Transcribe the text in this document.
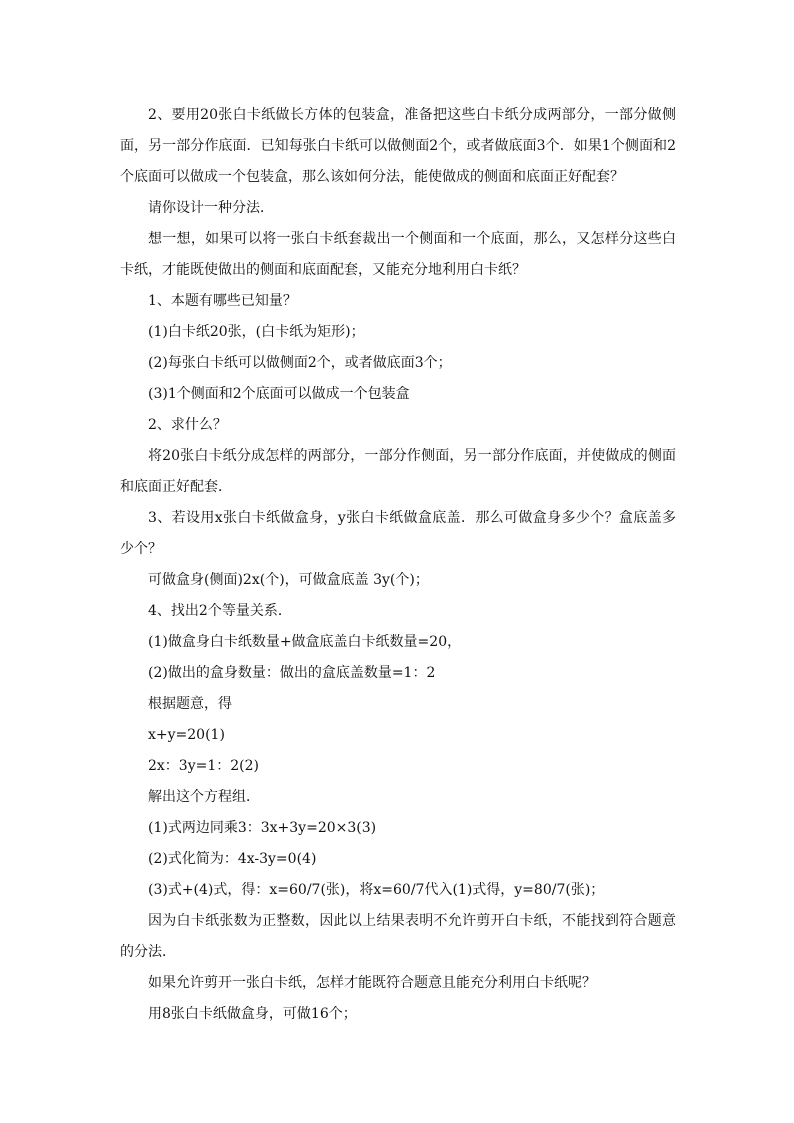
2、要用20张白卡纸做长方体的包装盒，准备把这些白卡纸分成两部分，一部分做侧面，另一部分作底面．已知每张白卡纸可以做侧面2个，或者做底面3个．如果1个侧面和2个底面可以做成一个包装盒，那么该如何分法，能使做成的侧面和底面正好配套？

请你设计一种分法．

想一想，如果可以将一张白卡纸套裁出一个侧面和一个底面，那么，又怎样分这些白卡纸，才能既使做出的侧面和底面配套，又能充分地利用白卡纸？

1、本题有哪些已知量？

(1)白卡纸20张，(白卡纸为矩形)；

(2)每张白卡纸可以做侧面2个，或者做底面3个；

(3)1个侧面和2个底面可以做成一个包装盒

2、求什么？

将20张白卡纸分成怎样的两部分，一部分作侧面，另一部分作底面，并使做成的侧面和底面正好配套．

3、若设用x张白卡纸做盒身，y张白卡纸做盒底盖．那么可做盒身多少个？盒底盖多少个？

可做盒身(侧面)2x(个)，可做盒底盖 3y(个)；

4、找出2个等量关系．

(1)做盒身白卡纸数量+做盒底盖白卡纸数量=20，

(2)做出的盒身数量：做出的盒底盖数量=1：2

根据题意，得

x+y=20(1)

2x：3y=1：2(2)

解出这个方程组．

(1)式两边同乘3：3x+3y=20×3(3)

(2)式化简为：4x-3y=0(4)

(3)式+(4)式，得：x=60/7(张)，将x=60/7代入(1)式得，y=80/7(张)；

因为白卡纸张数为正整数，因此以上结果表明不允许剪开白卡纸，不能找到符合题意的分法．

如果允许剪开一张白卡纸，怎样才能既符合题意且能充分利用白卡纸呢？

用8张白卡纸做盒身，可做16个；
